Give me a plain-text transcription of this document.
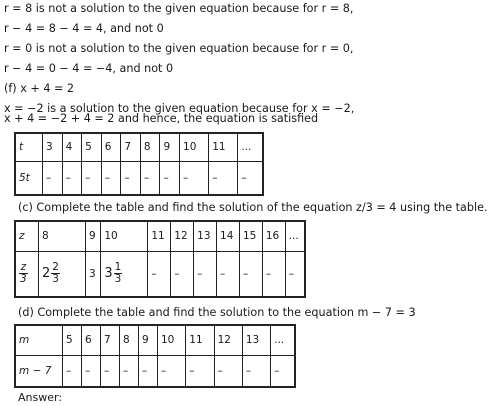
r = 8 is not a solution to the given equation because for r = 8,
r − 4 = 8 − 4 = 4, and not 0
r = 0 is not a solution to the given equation because for r = 0,
r − 4 = 0 − 4 = −4, and not 0
(f) x + 4 = 2
x = −2 is a solution to the given equation because for x = −2,
x + 4 = −2 + 4 = 2 and hence, the equation is satisfied
t	3	4	5	6	7	8	9	10	11	...
5t	–	–	–	–	–	–	–	–	–	–
(c) Complete the table and find the solution of the equation z/3 = 4 using the table.
z	8	9	10	11	12	13	14	15	16	...

$\frac{z}{3}$	$2 \frac{2}{3}$	3	$3 \frac{1}{3}$	–	–	–	–	–	–	–
(d) Complete the table and find the solution to the equation m − 7 = 3
m	5	6	7	8	9	10	11	12	13	...
m − 7	–	–	–	–	–	–	–	–	–	–
Answer:
